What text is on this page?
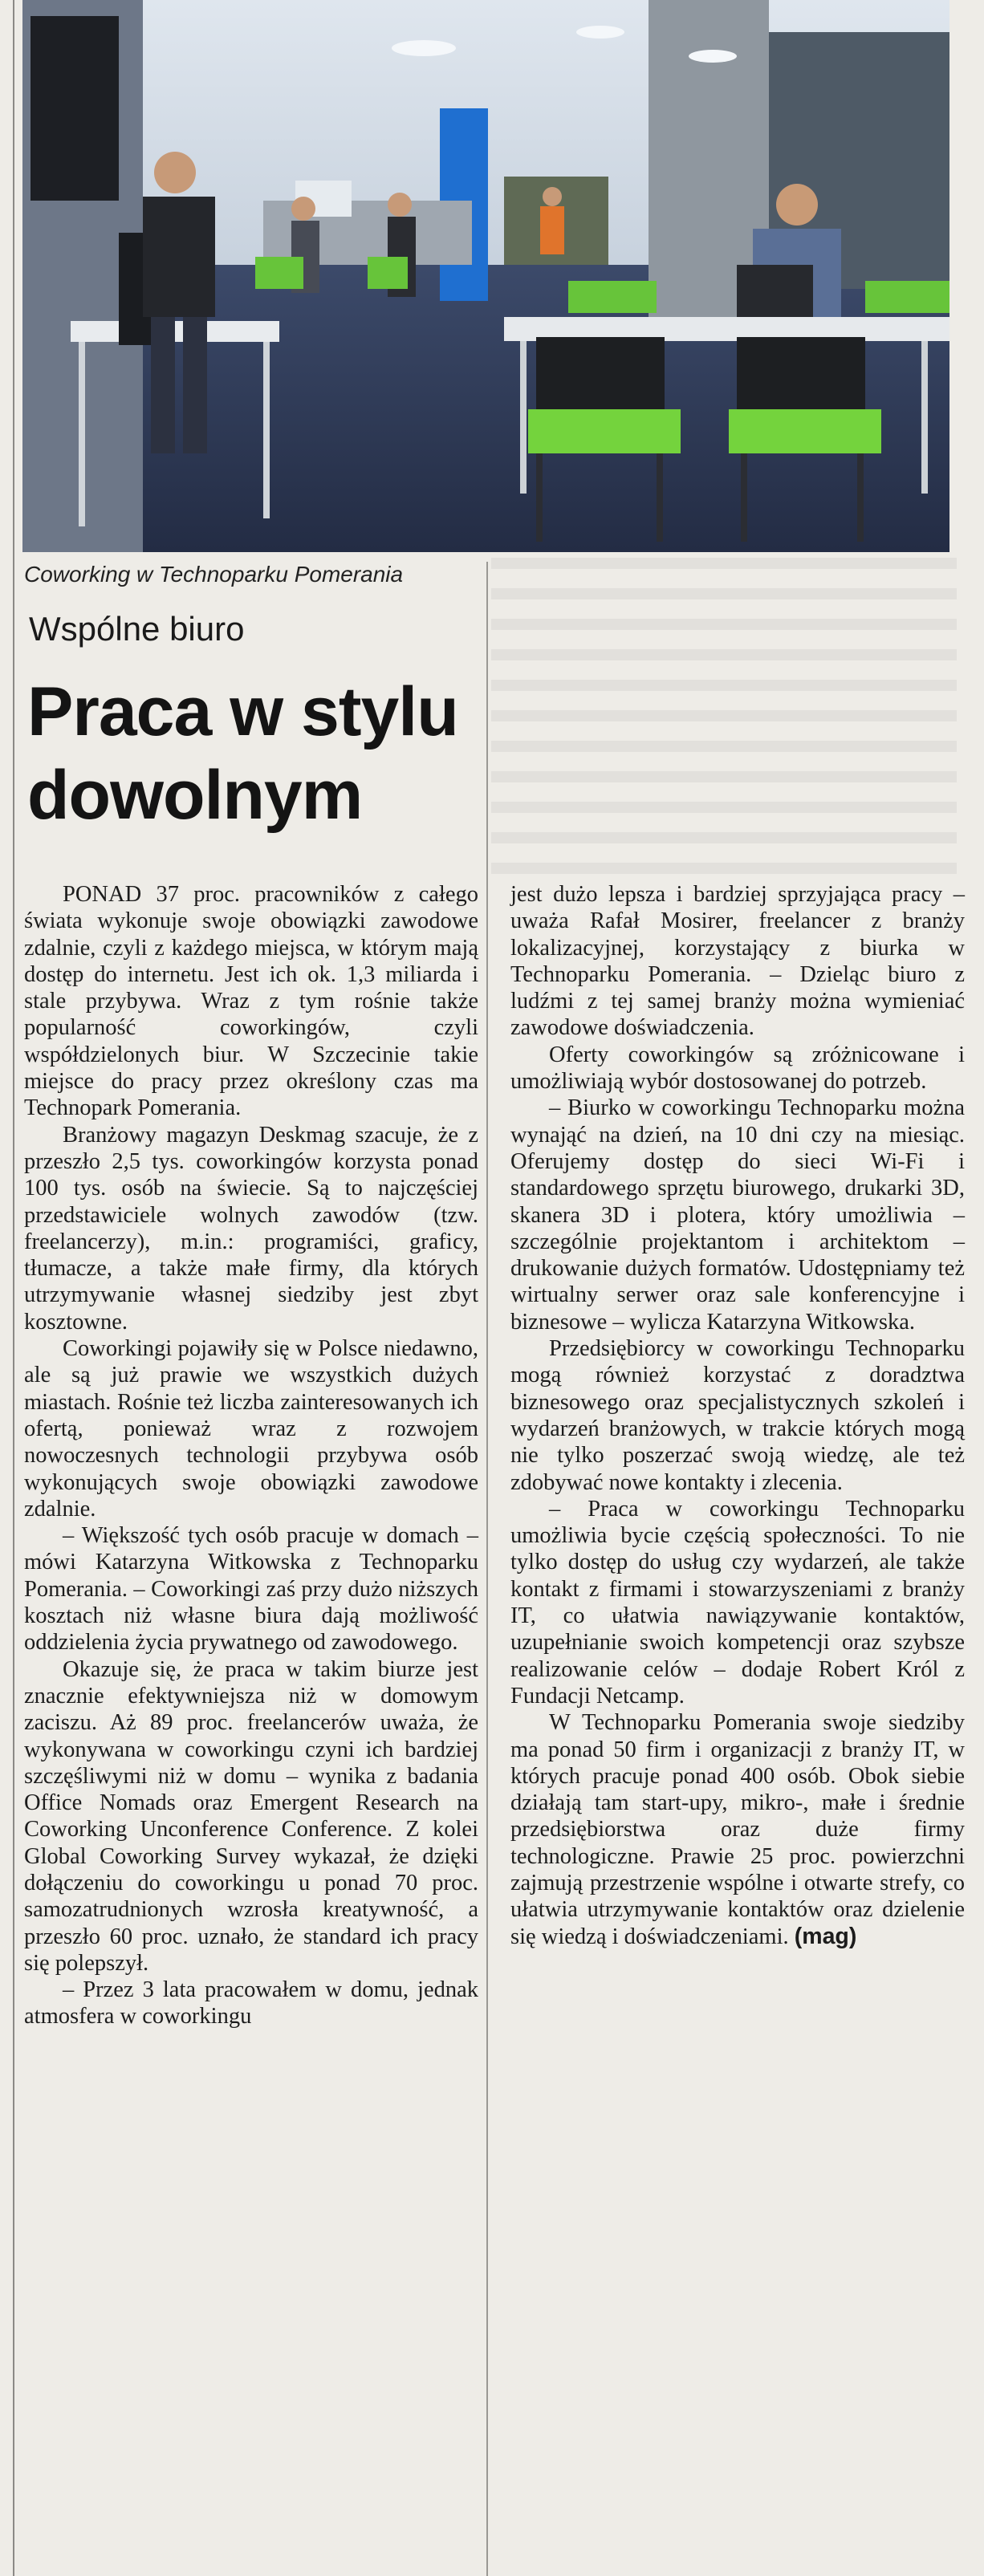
Coworking w Technoparku Pomerania
Wspólne biuro
Praca w stylu
dowolnym

PONAD 37 proc. pracowników z całego świata wykonuje swoje obowiązki zawodowe zdalnie, czyli z każdego miejsca, w którym mają dostęp do internetu. Jest ich ok. 1,3 miliarda i stale przybywa. Wraz z tym rośnie także popularność coworkingów, czyli współdzielonych biur. W Szczecinie takie miejsce do pracy przez określony czas ma Technopark Pomerania.

Branżowy magazyn Deskmag szacuje, że z przeszło 2,5 tys. coworkingów korzysta ponad 100 tys. osób na świecie. Są to najczęściej przedstawiciele wolnych zawodów (tzw. freelancerzy), m.in.: programiści, graficy, tłumacze, a także małe firmy, dla których utrzymywanie własnej siedziby jest zbyt kosztowne.

Coworkingi pojawiły się w Polsce niedawno, ale są już prawie we wszystkich dużych miastach. Rośnie też liczba zainteresowanych ich ofertą, ponieważ wraz z rozwojem nowoczesnych technologii przybywa osób wykonujących swoje obowiązki zawodowe zdalnie.

– Większość tych osób pracuje w domach – mówi Katarzyna Witkowska z Technoparku Pomerania. – Coworkingi zaś przy dużo niższych kosztach niż własne biura dają możliwość oddzielenia życia prywatnego od zawodowego.

Okazuje się, że praca w takim biurze jest znacznie efektywniejsza niż w domowym zaciszu. Aż 89 proc. freelancerów uważa, że wykonywana w coworkingu czyni ich bardziej szczęśliwymi niż w domu – wynika z badania Office Nomads oraz Emergent Research na Coworking Unconference Conference. Z kolei Global Coworking Survey wykazał, że dzięki dołączeniu do coworkingu u ponad 70 proc. samozatrudnionych wzrosła kreatywność, a przeszło 60 proc. uznało, że standard ich pracy się polepszył.

– Przez 3 lata pracowałem w domu, jednak atmosfera w coworkingu

jest dużo lepsza i bardziej sprzyjająca pracy – uważa Rafał Mosirer, freelancer z branży lokalizacyjnej, korzystający z biurka w Technoparku Pomerania. – Dzieląc biuro z ludźmi z tej samej branży można wymieniać zawodowe doświadczenia.

Oferty coworkingów są zróżnicowane i umożliwiają wybór dostosowanej do potrzeb.

– Biurko w coworkingu Technoparku można wynająć na dzień, na 10 dni czy na miesiąc. Oferujemy dostęp do sieci Wi-Fi i standardowego sprzętu biurowego, drukarki 3D, skanera 3D i plotera, który umożliwia – szczególnie projektantom i architektom – drukowanie dużych formatów. Udostępniamy też wirtualny serwer oraz sale konferencyjne i biznesowe – wylicza Katarzyna Witkowska.

Przedsiębiorcy w coworkingu Technoparku mogą również korzystać z doradztwa biznesowego oraz specjalistycznych szkoleń i wydarzeń branżowych, w trakcie których mogą nie tylko poszerzać swoją wiedzę, ale też zdobywać nowe kontakty i zlecenia.

– Praca w coworkingu Technoparku umożliwia bycie częścią społeczności. To nie tylko dostęp do usług czy wydarzeń, ale także kontakt z firmami i stowarzyszeniami z branży IT, co ułatwia nawiązywanie kontaktów, uzupełnianie swoich kompetencji oraz szybsze realizowanie celów – dodaje Robert Król z Fundacji Netcamp.

W Technoparku Pomerania swoje siedziby ma ponad 50 firm i organizacji z branży IT, w których pracuje ponad 400 osób. Obok siebie działają tam start-upy, mikro-, małe i średnie przedsiębiorstwa oraz duże firmy technologiczne. Prawie 25 proc. powierzchni zajmują przestrzenie wspólne i otwarte strefy, co ułatwia utrzymywanie kontaktów oraz dzielenie się wiedzą i doświadczeniami. (mag)
